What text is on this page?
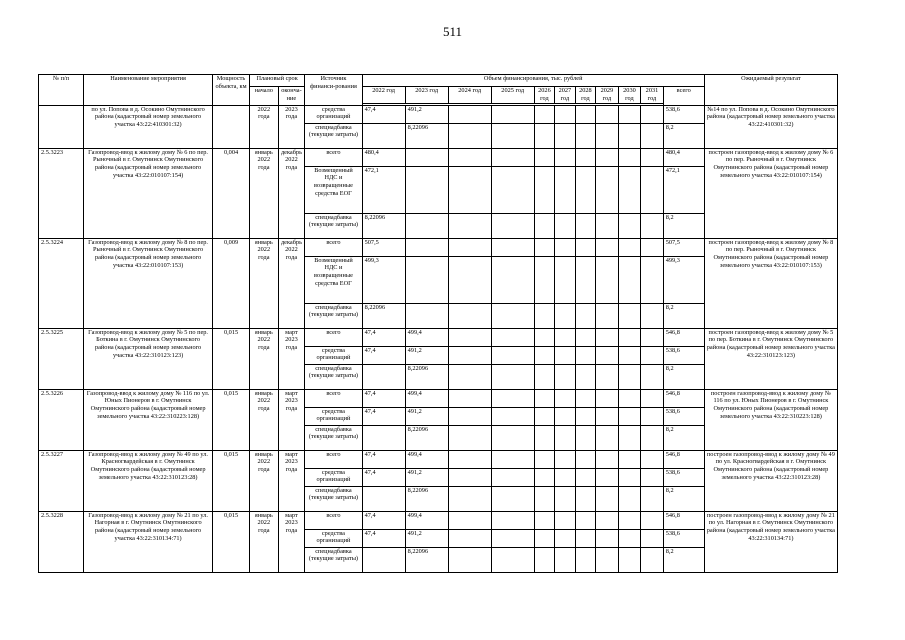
511
№ п/п	Наименование мероприятия	Мощность объекта, км	Плановый срок		Источник финанси-рования	Объем финансирования, тыс. рублей											Ожидаемый результат
			начало	оконча-ние		2022 год	2023 год	2024 год	2025 год	2026 год	2027 год	2028 год	2029 год	2030 год	2031 год	всего	

	по ул. Попова в д. Осокино Омутнинского района (кадастровый номер земельного участка 43:22:410301:32)		2022 года	2023 года	средства организаций	47,4	491,2									538,6	№14 по ул. Попова в д. Осокино Омутнинского района (кадастровый номер земельного участка 43:22:410301:32)
					спецнадбавка (текущие затраты)		8,22096									8,2	
2.5.3223	Газопровод-ввод к жилому дому № 6 по пер. Рыночный в г. Омутнинск Омутнинского района (кадастровый номер земельного участка 43:22:010107:154)	0,004	январь 2022 года	декабрь 2022 года	всего	480,4										480,4	построен газопровод-ввод к жилому дому № 6 по пер. Рыночный в г. Омутнинск Омутнинского района (кадастровый номер земельного участка 43:22:010107:154)
					Возмещенный НДС и возвращенные средства ЕОГ	472,1										472,1	
					спецнадбавка (текущие затраты)	8,22096										8,2	
2.5.3224	Газопровод-ввод к жилому дому № 8 по пер. Рыночный в г. Омутнинск Омутнинского района (кадастровый номер земельного участка 43:22:010107:153)	0,009	январь 2022 года	декабрь 2022 года	всего	507,5										507,5	построен газопровод-ввод к жилому дому № 8 по пер. Рыночный в г. Омутнинск Омутнинского района (кадастровый номер земельного участка 43:22:010107:153)
					Возмещенный НДС и возвращенные средства ЕОГ	499,3										499,3	
					спецнадбавка (текущие затраты)	8,22096										8,2	
2.5.3225	Газопровод-ввод к жилому дому № 5 по пер. Боткина в г. Омутнинск Омутнинского района (кадастровый номер земельного участка 43:22:310123:123)	0,015	январь 2022 года	март 2023 года	всего	47,4	499,4									546,8	построен газопровод-ввод к жилому дому № 5 по пер. Боткина в г. Омутнинск Омутнинского района (кадастровый номер земельного участка 43:22:310123:123)
					средства организаций	47,4	491,2									538,6	
					спецнадбавка (текущие затраты)		8,22096									8,2	
2.5.3226	Газопровод-ввод к жилому дому № 116 по ул. Юных Пионеров в г. Омутнинск Омутнинского района (кадастровый номер земельного участка 43:22:310223:128)	0,015	январь 2022 года	март 2023 года	всего	47,4	499,4									546,8	построен газопровод-ввод к жилому дому № 116 по ул. Юных Пионеров в г. Омутнинск Омутнинского района (кадастровый номер земельного участка 43:22:310223:128)
					средства организаций	47,4	491,2									538,6	
					спецнадбавка (текущие затраты)		8,22096									8,2	
2.5.3227	Газопровод-ввод к жилому дому № 49 по ул. Красногвардейская в г. Омутнинск Омутнинского района (кадастровый номер земельного участка 43:22:310123:28)	0,015	январь 2022 года	март 2023 года	всего	47,4	499,4									546,8	построен газопровод-ввод к жилому дому № 49 по ул. Красногвардейская в г. Омутнинск Омутнинского района (кадастровый номер земельного участка 43:22:310123:28)
					средства организаций	47,4	491,2									538,6	
					спецнадбавка (текущие затраты)		8,22096									8,2	
2.5.3228	Газопровод-ввод к жилому дому № 21 по ул. Нагорная в г. Омутнинск Омутнинского района (кадастровый номер земельного участка 43:22:310134:71)	0,015	январь 2022 года	март 2023 года	всего	47,4	499,4									546,8	построен газопровод-ввод к жилому дому № 21 по ул. Нагорная в г. Омутнинск Омутнинского района (кадастровый номер земельного участка 43:22:310134:71)
					средства организаций	47,4	491,2									538,6	
					спецнадбавка (текущие затраты)		8,22096									8,2	
